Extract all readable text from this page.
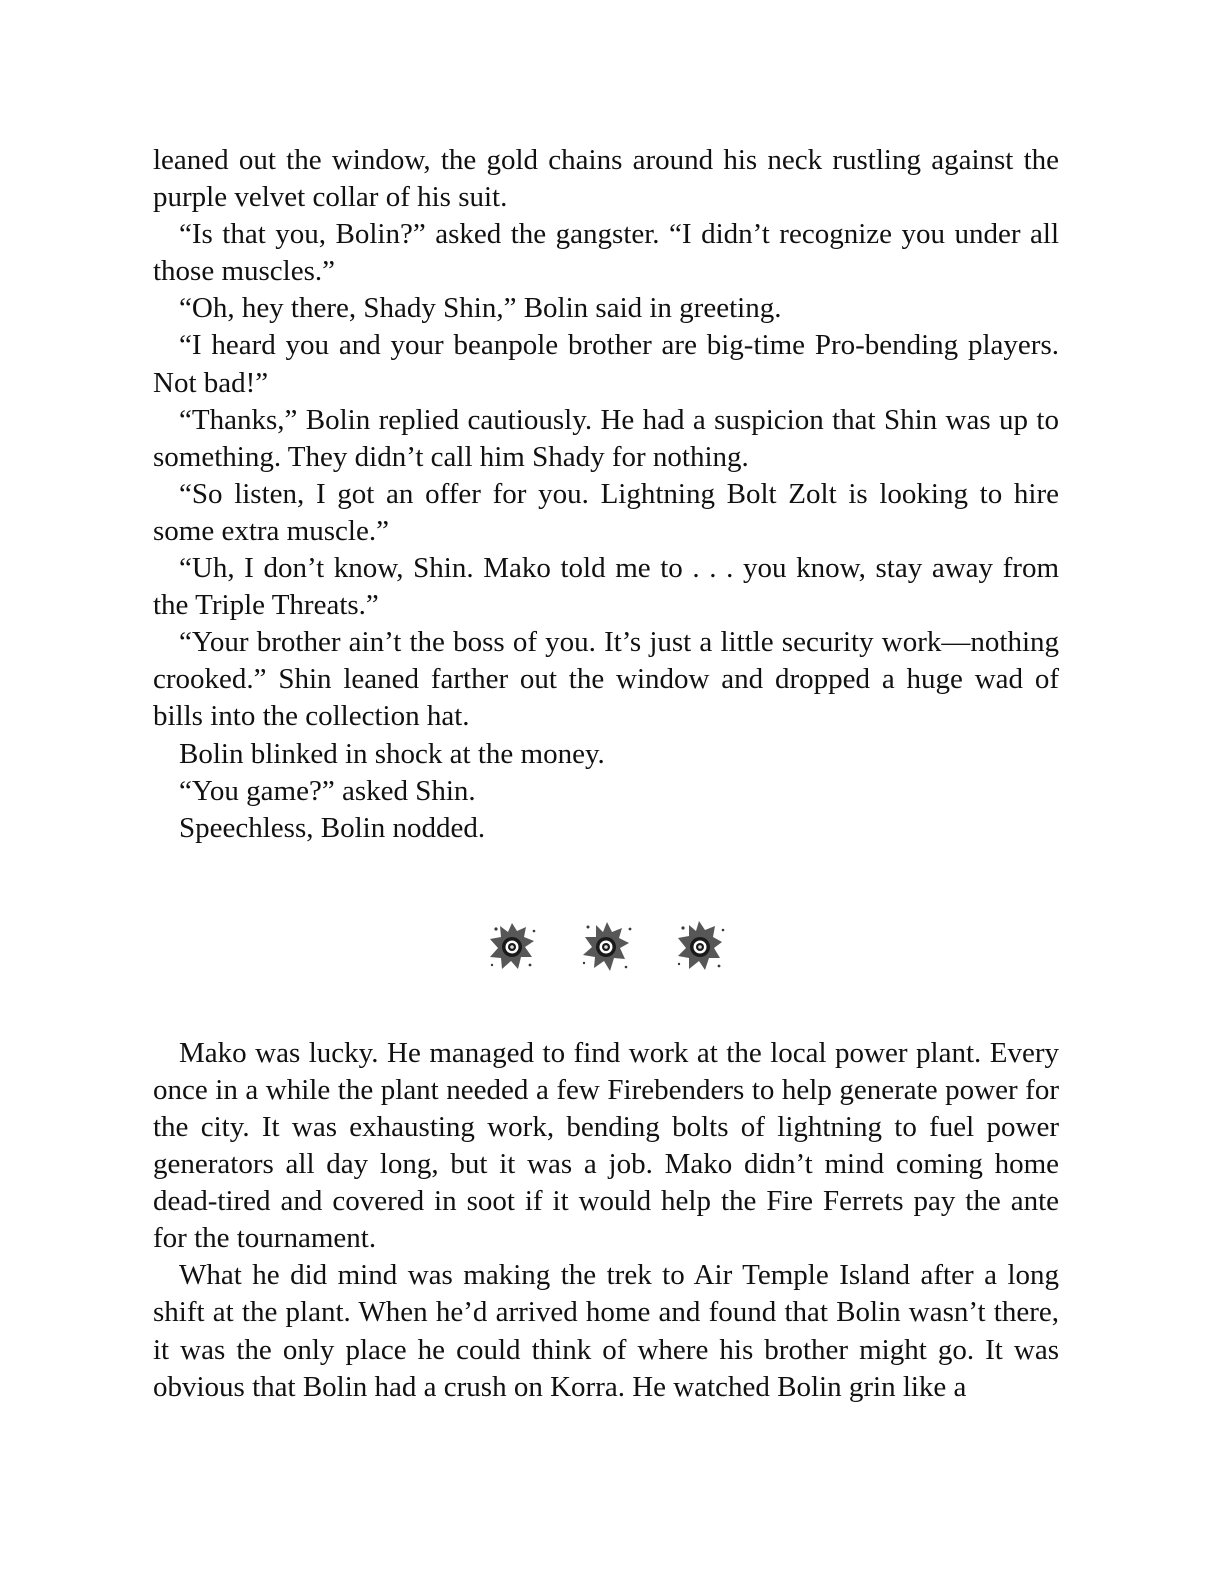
leaned out the window, the gold chains around his neck rustling against the purple velvet collar of his suit.

“Is that you, Bolin?” asked the gangster. “I didn’t recognize you under all those muscles.”

“Oh, hey there, Shady Shin,” Bolin said in greeting.

“I heard you and your beanpole brother are big-time Pro-bending players. Not bad!”

“Thanks,” Bolin replied cautiously. He had a suspicion that Shin was up to something. They didn’t call him Shady for nothing.

“So listen, I got an offer for you. Lightning Bolt Zolt is looking to hire some extra muscle.”

“Uh, I don’t know, Shin. Mako told me to . . . you know, stay away from the Triple Threats.”

“Your brother ain’t the boss of you. It’s just a little security work—nothing crooked.” Shin leaned farther out the window and dropped a huge wad of bills into the collection hat.

Bolin blinked in shock at the money.

“You game?” asked Shin.

Speechless, Bolin nodded.

Mako was lucky. He managed to find work at the local power plant. Every once in a while the plant needed a few Firebenders to help generate power for the city. It was exhausting work, bending bolts of lightning to fuel power generators all day long, but it was a job. Mako didn’t mind coming home dead-tired and covered in soot if it would help the Fire Ferrets pay the ante for the tournament.

What he did mind was making the trek to Air Temple Island after a long shift at the plant. When he’d arrived home and found that Bolin wasn’t there, it was the only place he could think of where his brother might go. It was obvious that Bolin had a crush on Korra. He watched Bolin grin like a
